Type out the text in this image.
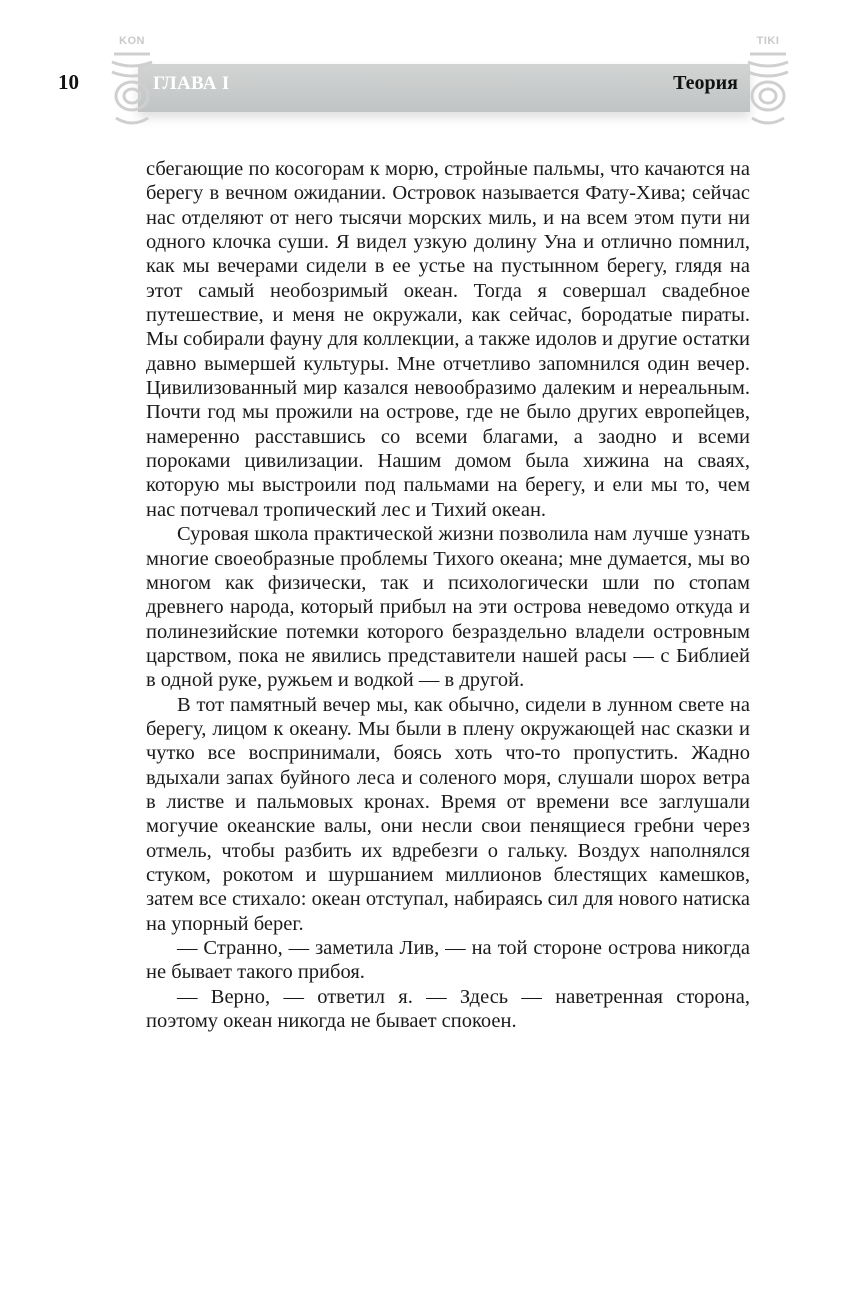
10
KON	TIKI
ГЛАВА I	Теория

сбегающие по косогорам к морю, стройные пальмы, что качаются на берегу в вечном ожидании. Островок называется Фату-Хива; сейчас нас отделяют от него тысячи морских миль, и на всем этом пути ни одного клочка суши. Я видел узкую долину Уна и отлично помнил, как мы вечерами сидели в ее устье на пустынном берегу, глядя на этот самый необозримый океан. Тогда я совершал свадебное путешествие, и меня не окружали, как сейчас, бородатые пираты. Мы собирали фауну для коллекции, а также идолов и другие остатки давно вымершей культуры. Мне отчетливо запомнился один вечер. Цивилизованный мир казался невообразимо далеким и нереальным. Почти год мы прожили на острове, где не было других европейцев, намеренно расставшись со всеми благами, а заодно и всеми пороками цивилизации. Нашим домом была хижина на сваях, которую мы выстроили под пальмами на берегу, и ели мы то, чем нас потчевал тропический лес и Тихий океан.

Суровая школа практической жизни позволила нам лучше узнать многие своеобразные проблемы Тихого океана; мне думается, мы во многом как физически, так и психологически шли по стопам древнего народа, который прибыл на эти острова неведомо откуда и полинезийские потемки которого безраздельно владели островным царством, пока не явились представители нашей расы — с Библией в одной руке, ружьем и водкой — в другой.

В тот памятный вечер мы, как обычно, сидели в лунном свете на берегу, лицом к океану. Мы были в плену окружающей нас сказки и чутко все воспринимали, боясь хоть что-то пропустить. Жадно вдыхали запах буйного леса и соленого моря, слушали шорох ветра в листве и пальмовых кронах. Время от времени все заглушали могучие океанские валы, они несли свои пенящиеся гребни через отмель, чтобы разбить их вдребезги о гальку. Воздух наполнялся стуком, рокотом и шуршанием миллионов блестящих камешков, затем все стихало: океан отступал, набираясь сил для нового натиска на упорный берег.

— Странно, — заметила Лив, — на той стороне острова никогда не бывает такого прибоя.

— Верно, — ответил я. — Здесь — наветренная сторона, поэтому океан никогда не бывает спокоен.
